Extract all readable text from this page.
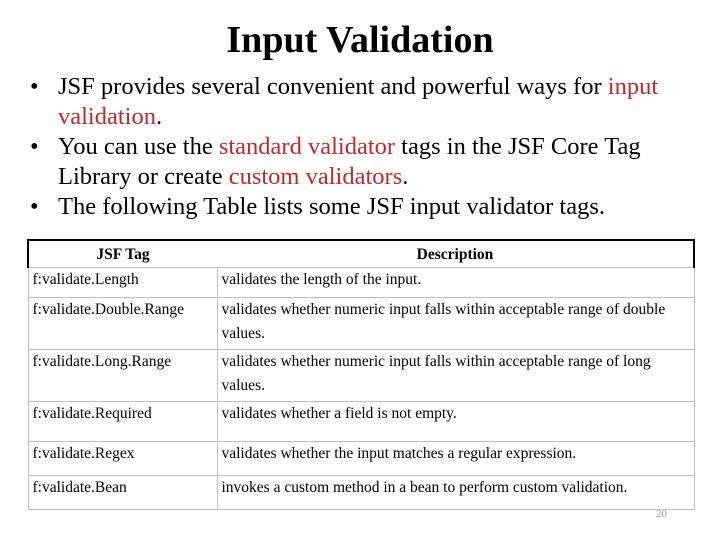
Input Validation
• JSF provides several convenient and powerful ways for input validation.
• You can use the standard validator tags in the JSF Core Tag Library or create custom validators.
• The following Table lists some JSF input validator tags.
JSF Tag	Description
f:validate.Length	validates the length of the input.
f:validate.Double.Range	validates whether numeric input falls within acceptable range of double values.
f:validate.Long.Range	validates whether numeric input falls within acceptable range of long values.
f:validate.Required	validates whether a field is not empty.
f:validate.Regex	validates whether the input matches a regular expression.
f:validate.Bean	invokes a custom method in a bean to perform custom validation.
20
